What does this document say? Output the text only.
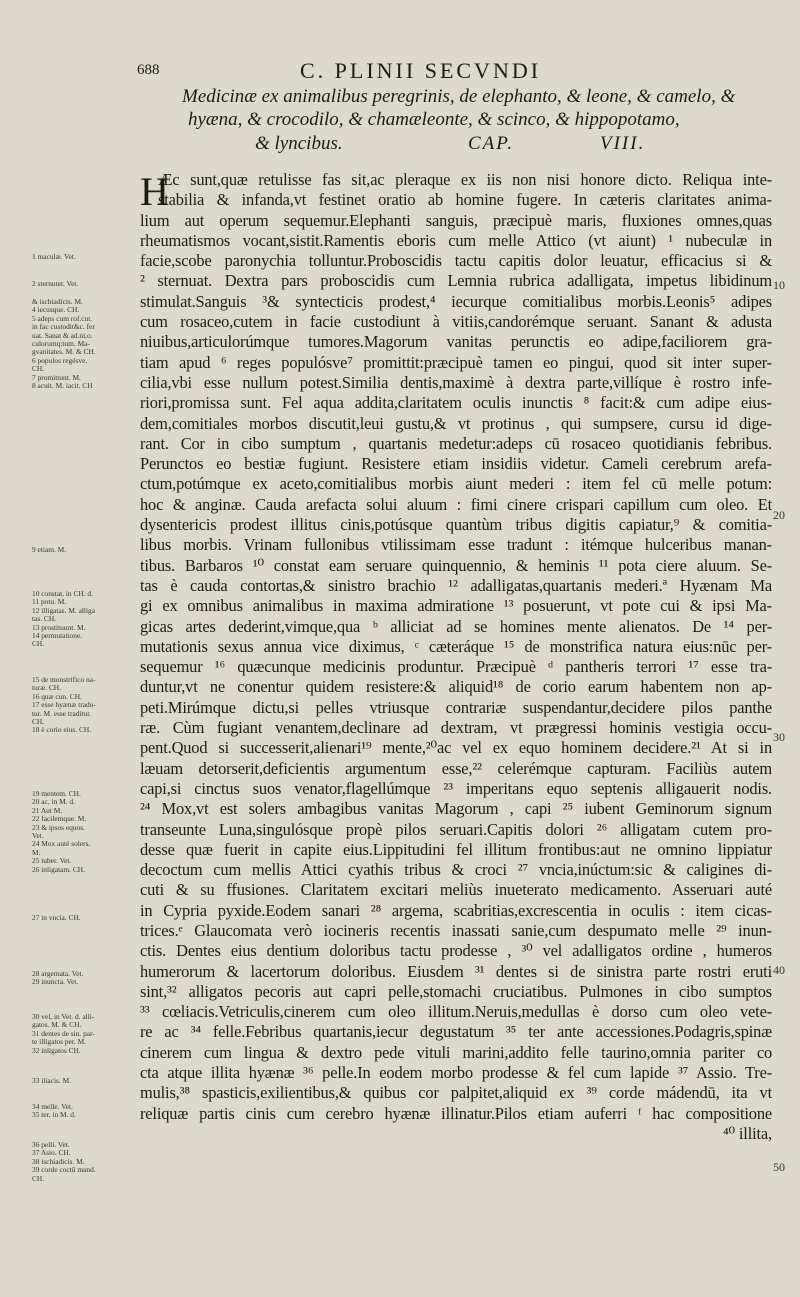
688	C. PLINII SECVNDI
Medicinæ ex animalibus peregrinis, de elephanto, & leone, & camelo, &
hyæna, & crocodilo, & chamæleonte, & scinco, & hippopotamo,
& lyncibus.	CAP.	VIII.
H
Æc sunt,quæ retulisse fas sit,ac pleraque ex iis non nisi honore dicto. Reliqua inte-
stabilia & infanda,vt festinet oratio ab homine fugere. In cæteris claritates anima-
lium aut operum sequemur.Elephanti sanguis, præcipuè maris, fluxiones omnes,quas
rheumatismos vocant,sistit.Ramentis eboris cum melle Attico (vt aiunt) ¹ nubeculæ in
facie,scobe paronychia tolluntur.Proboscidis tactu capitis dolor leuatur, efficacius si &
² sternuat. Dextra pars proboscidis cum Lemnia rubrica adalligata, impetus libidinum
stimulat.Sanguis ³& syntecticis prodest,⁴ iecurque comitialibus morbis.Leonis⁵ adipes
cum rosaceo,cutem in facie custodiunt à vitiis,candorémque seruant. Sanant & adusta
niuibus,articulorúmque tumores.Magorum vanitas perunctis eo adipe,faciliorem gra-
tiam apud ⁶ reges populósve⁷ promittit:præcipuè tamen eo pingui, quod sit inter super-
cilia,vbi esse nullum potest.Similia dentis,maximè à dextra parte,villíque è rostro infe-
riori,promissa sunt. Fel aqua addita,claritatem oculis inunctis ⁸ facit:& cum adipe eius-
dem,comitiales morbos discutit,leui gustu,& vt protinus , qui sumpsere, cursu id dige-
rant. Cor in cibo sumptum , quartanis medetur:adeps cū rosaceo quotidianis febribus.
Perunctos eo bestiæ fugiunt. Resistere etiam insidiis videtur. Cameli cerebrum arefa-
ctum,potúmque ex aceto,comitialibus morbis aiunt mederi : item fel cū melle potum:
hoc & anginæ. Cauda arefacta solui aluum : fimi cinere crispari capillum cum oleo. Et
dysentericis prodest illitus cinis,potúsque quantùm tribus digitis capiatur,⁹ & comitia-
libus morbis. Vrinam fullonibus vtilissimam esse tradunt : itémque hulceribus manan-
tibus. Barbaros ¹⁰ constat eam seruare quinquennio, & heminis ¹¹ pota ciere aluum. Se-
tas è cauda contortas,& sinistro brachio ¹² adalligatas,quartanis mederi.ª Hyænam Ma
gi ex omnibus animalibus in maxima admiratione ¹³ posuerunt, vt pote cui & ipsi Ma-
gicas artes dederint,vimque,qua ᵇ alliciat ad se homines mente alienatos. De ¹⁴ per-
mutationis sexus annua vice diximus, ᶜ cæteráque ¹⁵ de monstrifica natura eius:nūc per-
sequemur ¹⁶ quæcunque medicinis produntur. Præcipuè ᵈ pantheris terrori ¹⁷ esse tra-
duntur,vt ne conentur quidem resistere:& aliquid¹⁸ de corio earum habentem non ap-
peti.Mirúmque dictu,si pelles vtriusque contrariæ suspendantur,decidere pilos panthe
ræ. Cùm fugiant venantem,declinare ad dextram, vt prægressi hominis vestigia occu-
pent.Quod si successerit,alienari¹⁹ mente,²⁰ac vel ex equo hominem decidere.²¹ At si in
læuam detorserit,deficientis argumentum esse,²² celerémque capturam. Faciliùs autem
capi,si cinctus suos venator,flagellúmque ²³ imperitans equo septenis alligauerit nodis.
²⁴ Mox,vt est solers ambagibus vanitas Magorum , capi ²⁵ iubent Geminorum signum
transeunte Luna,singulósque propè pilos seruari.Capitis dolori ²⁶ alligatam cutem pro-
desse quæ fuerit in capite eius.Lippitudini fel illitum frontibus:aut ne omnino lippiatur
decoctum cum mellis Attici cyathis tribus & croci ²⁷ vncia,inúctum:sic & caligines di-
cuti & su ffusiones. Claritatem excitari meliùs inueterato medicamento. Asseruari auté
in Cypria pyxide.Eodem sanari ²⁸ argema, scabritias,excrescentia in oculis : item cicas-
trices.ᵉ Glaucomata verò iocineris recentis inassati sanie,cum despumato melle ²⁹ inun-
ctis. Dentes eius dentium doloribus tactu prodesse , ³⁰ vel adalligatos ordine , humeros
humerorum & lacertorum doloribus. Eiusdem ³¹ dentes si de sinistra parte rostri eruti
sint,³² alligatos pecoris aut capri pelle,stomachi cruciatibus. Pulmones in cibo sumptos
³³ cœliacis.Vetriculis,cinerem cum oleo illitum.Neruis,medullas è dorso cum oleo vete-
re ac ³⁴ felle.Febribus quartanis,iecur degustatum ³⁵ ter ante accessiones.Podagris,spinæ
cinerem cum lingua & dextro pede vituli marini,addito felle taurino,omnia pariter co
cta atque illita hyænæ ³⁶ pelle.In eodem morbo prodesse & fel cum lapide ³⁷ Assio. Tre-
mulis,³⁸ spasticis,exilientibus,& quibus cor palpitet,aliquid ex ³⁹ corde mádendū, ita vt
reliquæ partis cinis cum cerebro hyænæ illinatur.Pilos etiam auferri ᶠ hac compositione
⁴⁰ illita,
1 maculæ. Vet.
2 sternutet. Vet.
& ischiadicis. M.
4 iecusque. CH.
5 adeps cum rof.cut.
in fac custodit&c. fer
uat. Sanat & ad.ni.o.
culorumq;tum. Ma-
gvanitates. M. & CH.
6 populos regésve.
CH.
7 promittunt. M.
8 acuit. M. iacit. CH
9 etiam. M.
10 constat, in CH. d.
11 potu. M.
12 illigatas. M. alliga
tas. CH.
13 prostituunt. M.
14 permutatione.
CH.
15 de monstrifico na-
turæ. CH.
16 quæ cun. CH.
17 esse hyænæ tradu-
tur. M. esse traditur.
CH.
18 è corio eius. CH.
19 mentem. CH.
20 ac, in M. d.
21 Aut M.
22 facilemque. M.
23 & ipsos equos.
Vet.
24 Mox auté solers.
M.
25 iuber. Vet.
26 inligatam. CH.
27 in vncia. CH.
28 argemata. Vet.
29 inuncta. Vet.
30 vel, in Vet. d. alli-
gatos. M. & CH.
31 dentes de sin. par-
te illigatos per. M.
32 inligatos CH.
33 iliacis. M.
34 melle. Vet.
35 ter, in M. d.
36 pelli. Vet.
37 Asio. CH.
38 ischiadicis. M.
39 corde coctū mand.
CH.
10
20
30
40
50
